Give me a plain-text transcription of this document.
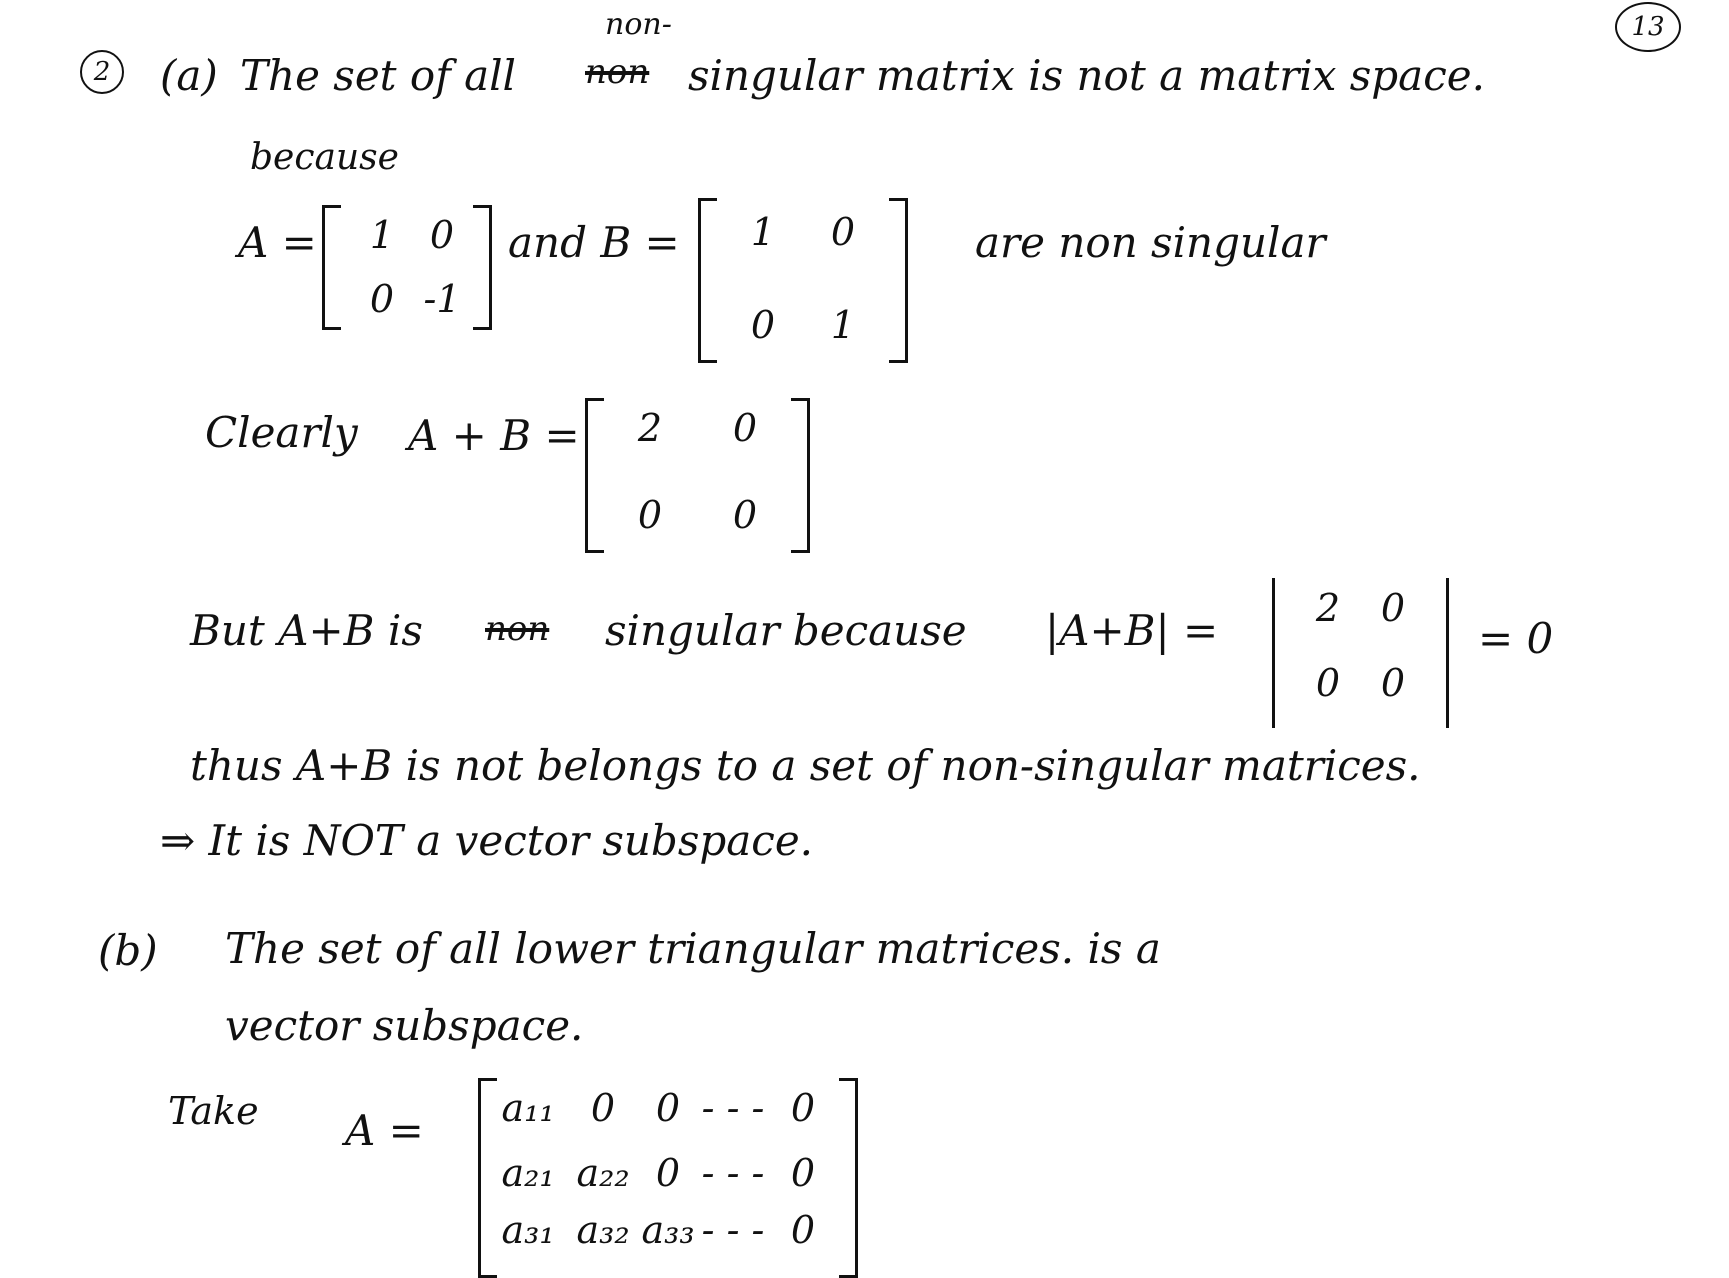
13
2 (a) The set of all
non-
non singular matrix is not a matrix space.
because
A =	1 0
0 -1
and B =	1	0
0	1
are non singular
Clearly A + B =	2	0
0	0
But A+B is non singular because |A+B| =	2	0
0	0
= 0
thus A+B is not belongs to a set of non-singular matrices.
⇒ It is NOT a vector subspace.
(b) The set of all lower triangular matrices. is a
vector subspace.
Take A =	a₁₁ 0	0 - - - 0
a₂₁ a₂₂ 0 - - - 0
a₃₁ a₃₂ a₃₃ - - - 0
